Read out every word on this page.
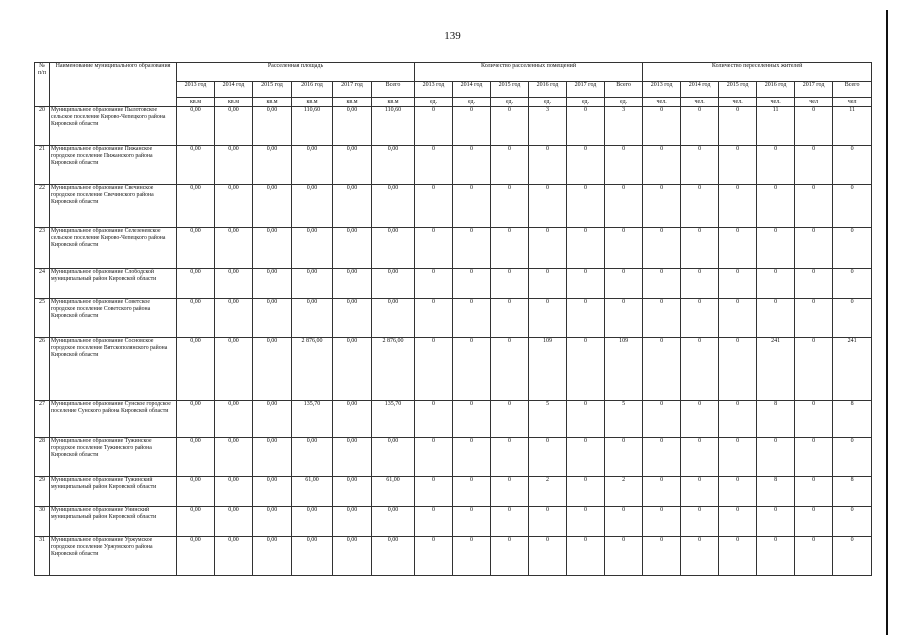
139
№ п/п	Наименование муниципального образования	Расселенная площадь						Количество расселенных помещений						Количество переселенных жителей					
		2013 год	2014 год	2015 год	2016 год	2017 год	Всего	2013 год	2014 год	2015 год	2016 год	2017 год	Всего	2013 год	2014 год	2015 год	2016 год	2017 год	Всего
		кв.м	кв.м	кв.м	кв.м	кв.м	кв.м	ед.	ед.	ед.	ед.	ед.	ед.	чел.	чел.	чел.	чел.	чел	чел
20	Муниципальное образование Пылотовское сельское поселение Кирово-Чепецкого района Кировской области	0,00	0,00	0,00	110,60	0,00	110,60	0	0	0	3	0	3	0	0	0	11	0	11
21	Муниципальное образование Пижанское городское поселение Пижанского района Кировской области	0,00	0,00	0,00	0,00	0,00	0,00	0	0	0	0	0	0	0	0	0	0	0	0
22	Муниципальное образование Свечинское городское поселение Свечинского района Кировской области	0,00	0,00	0,00	0,00	0,00	0,00	0	0	0	0	0	0	0	0	0	0	0	0
23	Муниципальное образование Селезеневское сельское поселение Кирово-Чепецкого района Кировской области	0,00	0,00	0,00	0,00	0,00	0,00	0	0	0	0	0	0	0	0	0	0	0	0
24	Муниципальное образование Слободской муниципальный район Кировской области	0,00	0,00	0,00	0,00	0,00	0,00	0	0	0	0	0	0	0	0	0	0	0	0
25	Муниципальное образование Советское городское поселение Советского района Кировской области	0,00	0,00	0,00	0,00	0,00	0,00	0	0	0	0	0	0	0	0	0	0	0	0
26	Муниципальное образование Сосновское городское поселение Вятскополянского района Кировской области	0,00	0,00	0,00	2 876,00	0,00	2 876,00	0	0	0	109	0	109	0	0	0	241	0	241
27	Муниципальное образование Сунское городское поселение Сунского района Кировской области	0,00	0,00	0,00	135,70	0,00	135,70	0	0	0	5	0	5	0	0	0	8	0	8
28	Муниципальное образование Тужинское городское поселение Тужинского района Кировской области	0,00	0,00	0,00	0,00	0,00	0,00	0	0	0	0	0	0	0	0	0	0	0	0
29	Муниципальное образование Тужинский муниципальный район Кировской области	0,00	0,00	0,00	61,00	0,00	61,00	0	0	0	2	0	2	0	0	0	8	0	8
30	Муниципальное образование Унинский муниципальный район Кировской области	0,00	0,00	0,00	0,00	0,00	0,00	0	0	0	0	0	0	0	0	0	0	0	0
31	Муниципальное образование Уржумское городское поселение Уржумского района Кировской области	0,00	0,00	0,00	0,00	0,00	0,00	0	0	0	0	0	0	0	0	0	0	0	0
